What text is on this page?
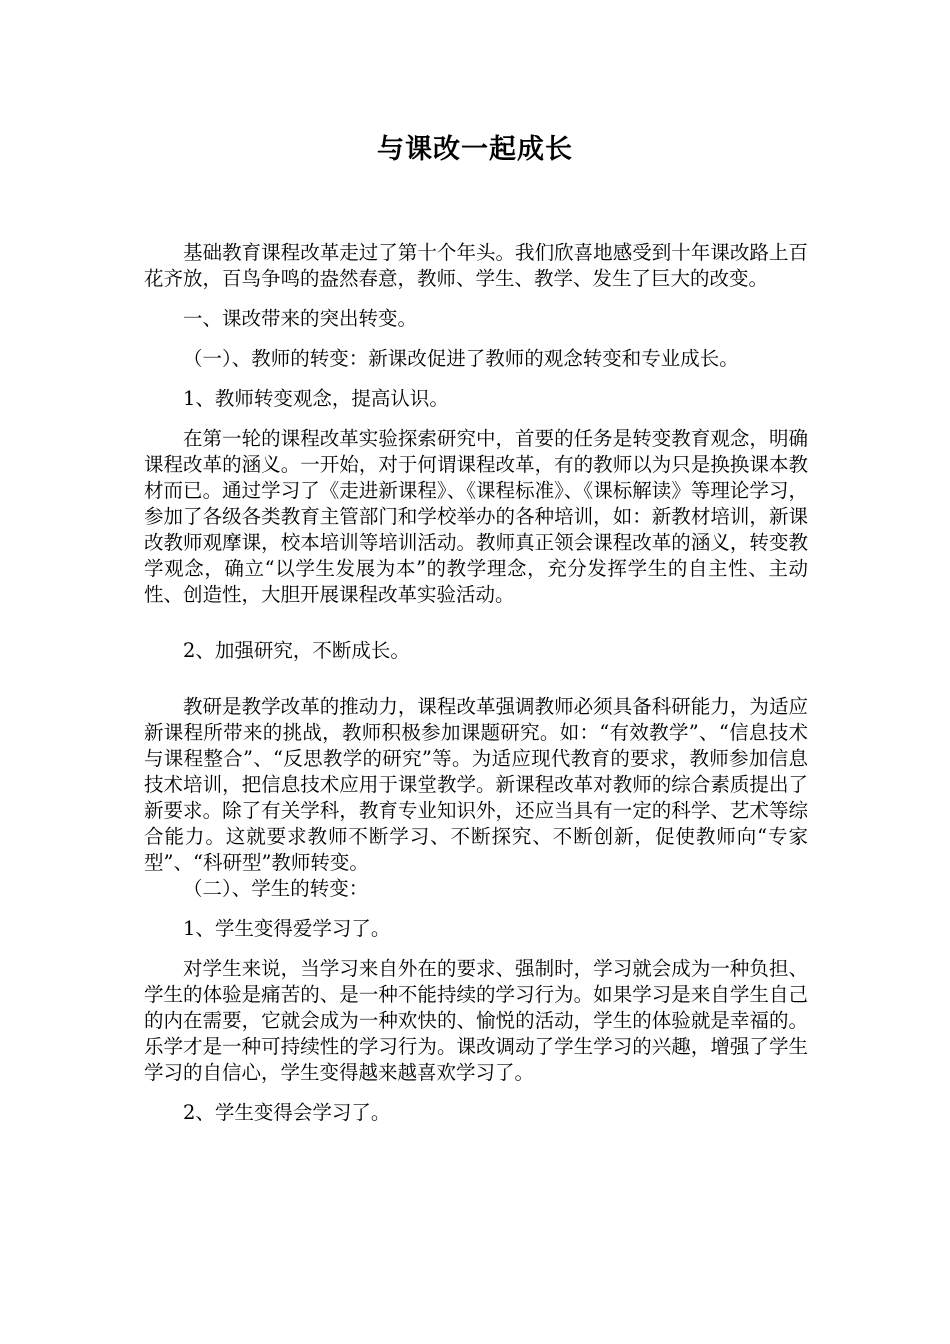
与课改一起成长

基础教育课程改革走过了第十个年头。我们欣喜地感受到十年课改路上百花齐放，百鸟争鸣的盎然春意，教师、学生、教学、发生了巨大的改变。

一、课改带来的突出转变。

（一）、教师的转变：新课改促进了教师的观念转变和专业成长。

1、教师转变观念，提高认识。

在第一轮的课程改革实验探索研究中，首要的任务是转变教育观念，明确课程改革的涵义。一开始，对于何谓课程改革，有的教师以为只是换换课本教材而已。通过学习了《走进新课程》、《课程标准》、《课标解读》等理论学习，参加了各级各类教育主管部门和学校举办的各种培训，如：新教材培训，新课改教师观摩课，校本培训等培训活动。教师真正领会课程改革的涵义，转变教学观念，确立“以学生发展为本”的教学理念，充分发挥学生的自主性、主动性、创造性，大胆开展课程改革实验活动。

2、加强研究，不断成长。

教研是教学改革的推动力，课程改革强调教师必须具备科研能力，为适应新课程所带来的挑战，教师积极参加课题研究。如：“有效教学”、“信息技术与课程整合”、“反思教学的研究”等。为适应现代教育的要求，教师参加信息技术培训，把信息技术应用于课堂教学。新课程改革对教师的综合素质提出了新要求。除了有关学科，教育专业知识外，还应当具有一定的科学、艺术等综合能力。这就要求教师不断学习、不断探究、不断创新，促使教师向“专家型”、“科研型”教师转变。

（二）、学生的转变：

1、学生变得爱学习了。

对学生来说，当学习来自外在的要求、强制时，学习就会成为一种负担、学生的体验是痛苦的、是一种不能持续的学习行为。如果学习是来自学生自己的内在需要，它就会成为一种欢快的、愉悦的活动，学生的体验就是幸福的。乐学才是一种可持续性的学习行为。课改调动了学生学习的兴趣，增强了学生学习的自信心，学生变得越来越喜欢学习了。

2、学生变得会学习了。
